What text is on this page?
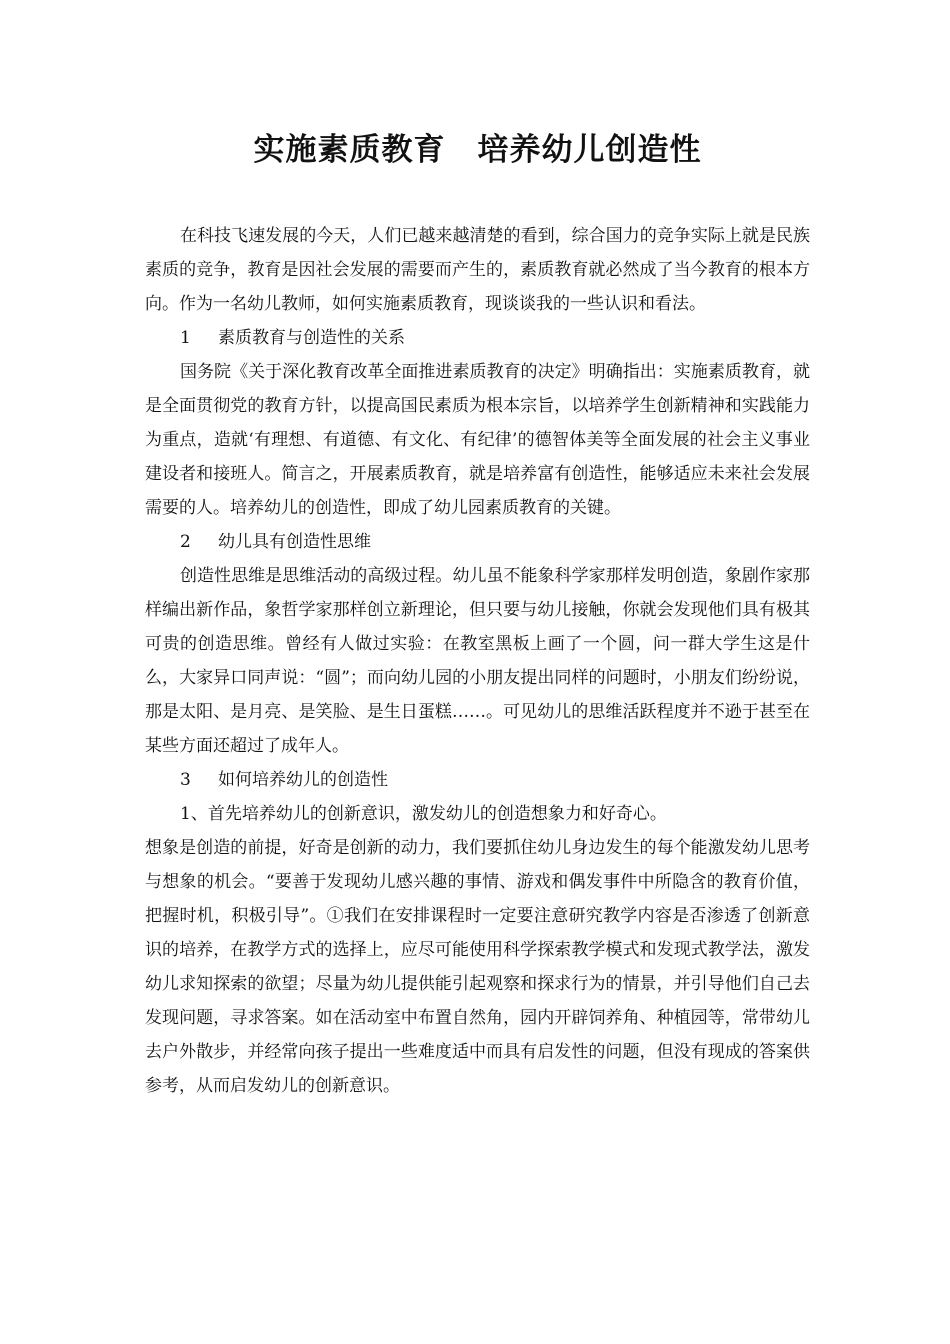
实施素质教育　培养幼儿创造性

在科技飞速发展的今天，人们已越来越清楚的看到，综合国力的竞争实际上就是民族素质的竞争，教育是因社会发展的需要而产生的，素质教育就必然成了当今教育的根本方向。作为一名幼儿教师，如何实施素质教育，现谈谈我的一些认识和看法。

1 素质教育与创造性的关系

国务院《关于深化教育改革全面推进素质教育的决定》明确指出：实施素质教育，就是全面贯彻党的教育方针，以提高国民素质为根本宗旨，以培养学生创新精神和实践能力为重点，造就‘有理想、有道德、有文化、有纪律’的德智体美等全面发展的社会主义事业建设者和接班人。简言之，开展素质教育，就是培养富有创造性，能够适应未来社会发展需要的人。培养幼儿的创造性，即成了幼儿园素质教育的关键。

2 幼儿具有创造性思维

创造性思维是思维活动的高级过程。幼儿虽不能象科学家那样发明创造，象剧作家那样编出新作品，象哲学家那样创立新理论，但只要与幼儿接触，你就会发现他们具有极其可贵的创造思维。曾经有人做过实验：在教室黑板上画了一个圆，问一群大学生这是什么，大家异口同声说：“圆”；而向幼儿园的小朋友提出同样的问题时，小朋友们纷纷说，那是太阳、是月亮、是笑脸、是生日蛋糕……。可见幼儿的思维活跃程度并不逊于甚至在某些方面还超过了成年人。

3 如何培养幼儿的创造性

1、首先培养幼儿的创新意识，激发幼儿的创造想象力和好奇心。

想象是创造的前提，好奇是创新的动力，我们要抓住幼儿身边发生的每个能激发幼儿思考与想象的机会。“要善于发现幼儿感兴趣的事情、游戏和偶发事件中所隐含的教育价值，把握时机，积极引导”。①我们在安排课程时一定要注意研究教学内容是否渗透了创新意识的培养，在教学方式的选择上，应尽可能使用科学探索教学模式和发现式教学法，激发幼儿求知探索的欲望；尽量为幼儿提供能引起观察和探求行为的情景，并引导他们自己去发现问题，寻求答案。如在活动室中布置自然角，园内开辟饲养角、种植园等，常带幼儿去户外散步，并经常向孩子提出一些难度适中而具有启发性的问题，但没有现成的答案供参考，从而启发幼儿的创新意识。
